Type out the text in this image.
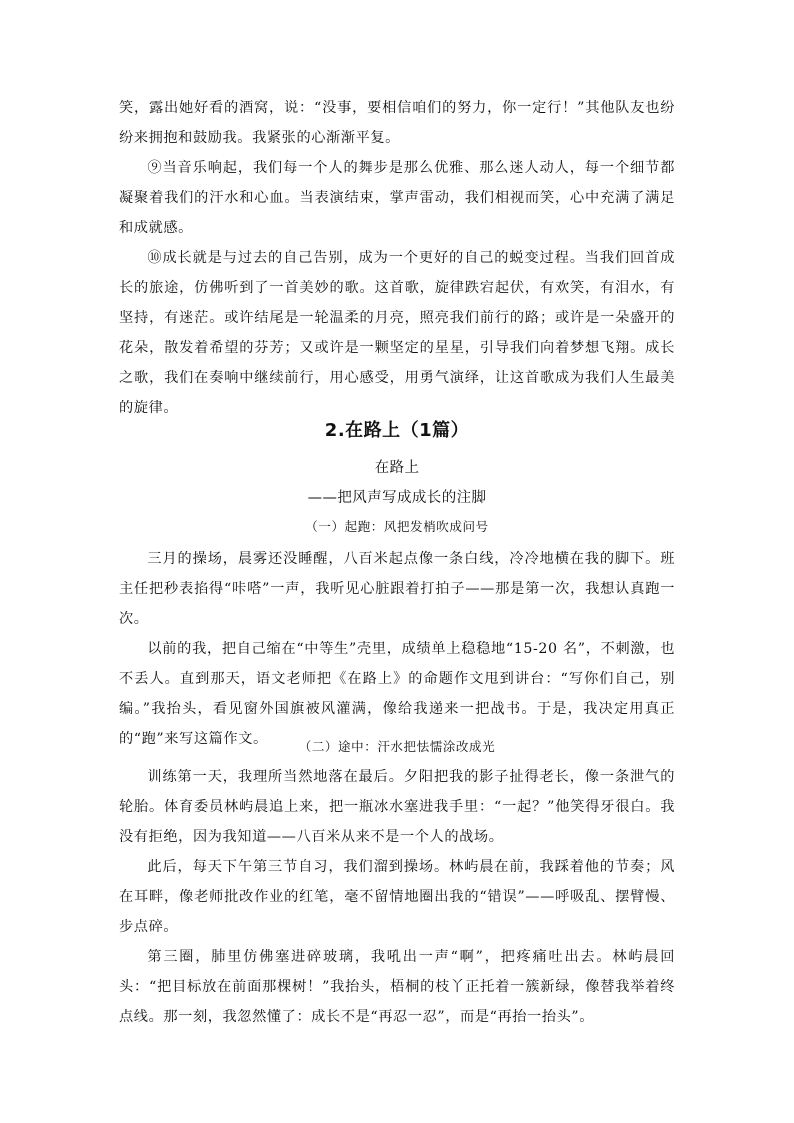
笑，露出她好看的酒窝，说：“没事，要相信咱们的努力，你一定行！”其他队友也纷纷来拥抱和鼓励我。我紧张的心渐渐平复。

⑨当音乐响起，我们每一个人的舞步是那么优雅、那么迷人动人，每一个细节都凝聚着我们的汗水和心血。当表演结束，掌声雷动，我们相视而笑，心中充满了满足和成就感。

⑩成长就是与过去的自己告别，成为一个更好的自己的蜕变过程。当我们回首成长的旅途，仿佛听到了一首美妙的歌。这首歌，旋律跌宕起伏，有欢笑，有泪水，有坚持，有迷茫。或许结尾是一轮温柔的月亮，照亮我们前行的路；或许是一朵盛开的花朵，散发着希望的芬芳；又或许是一颗坚定的星星，引导我们向着梦想飞翔。成长之歌，我们在奏响中继续前行，用心感受，用勇气演绎，让这首歌成为我们人生最美的旋律。

2.在路上（1篇）
在路上
——把风声写成成长的注脚
（一）起跑：风把发梢吹成问号

三月的操场，晨雾还没睡醒，八百米起点像一条白线，冷冷地横在我的脚下。班主任把秒表掐得“咔嗒”一声，我听见心脏跟着打拍子——那是第一次，我想认真跑一次。

以前的我，把自己缩在“中等生”壳里，成绩单上稳稳地“15-20 名”，不刺激，也不丢人。直到那天，语文老师把《在路上》的命题作文甩到讲台：“写你们自己，别编。”我抬头，看见窗外国旗被风灌满，像给我递来一把战书。于是，我决定用真正的“跑”来写这篇作文。	（二）途中：汗水把怯懦涂改成光

训练第一天，我理所当然地落在最后。夕阳把我的影子扯得老长，像一条泄气的轮胎。体育委员林屿晨追上来，把一瓶冰水塞进我手里：“一起？”他笑得牙很白。我没有拒绝，因为我知道——八百米从来不是一个人的战场。

此后，每天下午第三节自习，我们溜到操场。林屿晨在前，我踩着他的节奏；风在耳畔，像老师批改作业的红笔，毫不留情地圈出我的“错误”——呼吸乱、摆臂慢、步点碎。

第三圈，肺里仿佛塞进碎玻璃，我吼出一声“啊”，把疼痛吐出去。林屿晨回头：“把目标放在前面那棵树！”我抬头，梧桐的枝丫正托着一簇新绿，像替我举着终点线。那一刻，我忽然懂了：成长不是“再忍一忍”，而是“再抬一抬头”。
